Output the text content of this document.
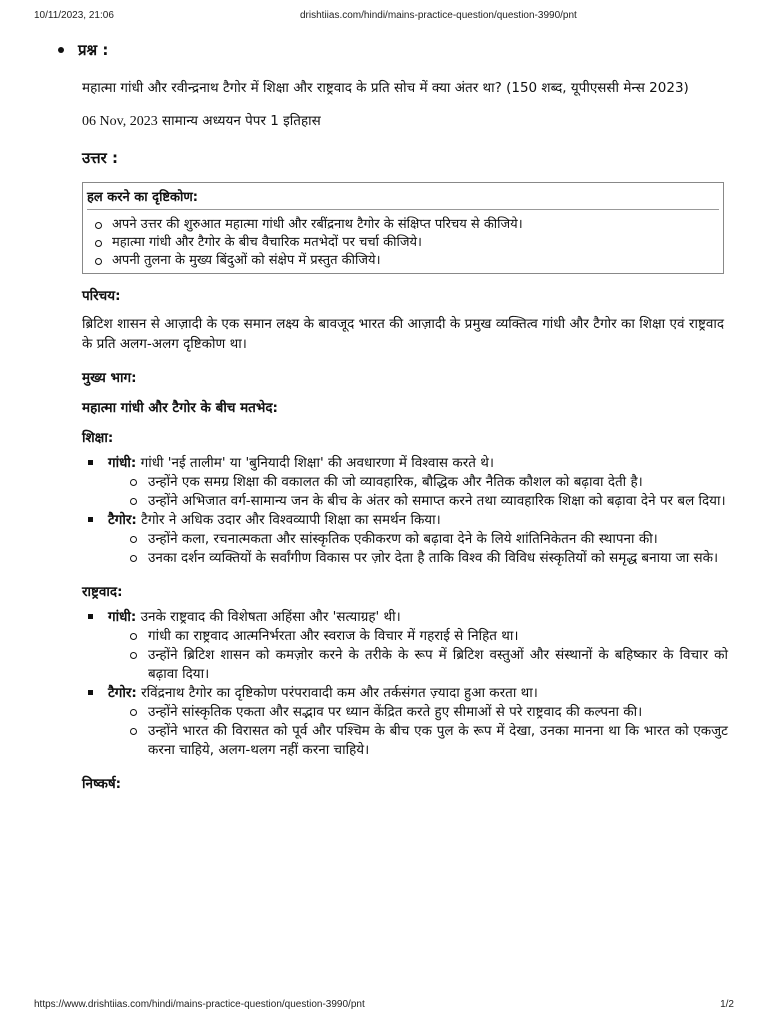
10/11/2023, 21:06	drishtiias.com/hindi/mains-practice-question/question-3990/pnt
प्रश्न :
महात्मा गांधी और रवीन्द्रनाथ टैगोर में शिक्षा और राष्ट्रवाद के प्रति सोच में क्या अंतर था? (150 शब्द, यूपीएससी मेन्स 2023)
06 Nov, 2023 सामान्य अध्ययन पेपर 1 इतिहास
उत्तर :
हल करने का दृष्टिकोण:
अपने उत्तर की शुरुआत महात्मा गांधी और रबींद्रनाथ टैगोर के संक्षिप्त परिचय से कीजिये।
महात्मा गांधी और टैगोर के बीच वैचारिक मतभेदों पर चर्चा कीजिये।
अपनी तुलना के मुख्य बिंदुओं को संक्षेप में प्रस्तुत कीजिये।
परिचय:
ब्रिटिश शासन से आज़ादी के एक समान लक्ष्य के बावजूद भारत की आज़ादी के प्रमुख व्यक्तित्व गांधी और टैगोर का शिक्षा एवं राष्ट्रवाद के प्रति अलग-अलग दृष्टिकोण था।
मुख्य भाग:
महात्मा गांधी और टैगोर के बीच मतभेद:
शिक्षा:
गांधी: गांधी 'नई तालीम' या 'बुनियादी शिक्षा' की अवधारणा में विश्वास करते थे।
उन्होंने एक समग्र शिक्षा की वकालत की जो व्यावहारिक, बौद्धिक और नैतिक कौशल को बढ़ावा देती है।
उन्होंने अभिजात वर्ग-सामान्य जन के बीच के अंतर को समाप्त करने तथा व्यावहारिक शिक्षा को बढ़ावा देने पर बल दिया।
टैगोर: टैगोर ने अधिक उदार और विश्वव्यापी शिक्षा का समर्थन किया।
उन्होंने कला, रचनात्मकता और सांस्कृतिक एकीकरण को बढ़ावा देने के लिये शांतिनिकेतन की स्थापना की।
उनका दर्शन व्यक्तियों के सर्वांगीण विकास पर ज़ोर देता है ताकि विश्व की विविध संस्कृतियों को समृद्ध बनाया जा सके।
राष्ट्रवाद:
गांधी: उनके राष्ट्रवाद की विशेषता अहिंसा और 'सत्याग्रह' थी।
गांधी का राष्ट्रवाद आत्मनिर्भरता और स्वराज के विचार में गहराई से निहित था।
उन्होंने ब्रिटिश शासन को कमज़ोर करने के तरीके के रूप में ब्रिटिश वस्तुओं और संस्थानों के बहिष्कार के विचार को बढ़ावा दिया।
टैगोर: रविंद्रनाथ टैगोर का दृष्टिकोण परंपरावादी कम और तर्कसंगत ज़्यादा हुआ करता था।
उन्होंने सांस्कृतिक एकता और सद्भाव पर ध्यान केंद्रित करते हुए सीमाओं से परे राष्ट्रवाद की कल्पना की।
उन्होंने भारत की विरासत को पूर्व और पश्चिम के बीच एक पुल के रूप में देखा, उनका मानना था कि भारत को एकजुट करना चाहिये, अलग-थलग नहीं करना चाहिये।
निष्कर्ष:
https://www.drishtiias.com/hindi/mains-practice-question/question-3990/pnt	1/2
